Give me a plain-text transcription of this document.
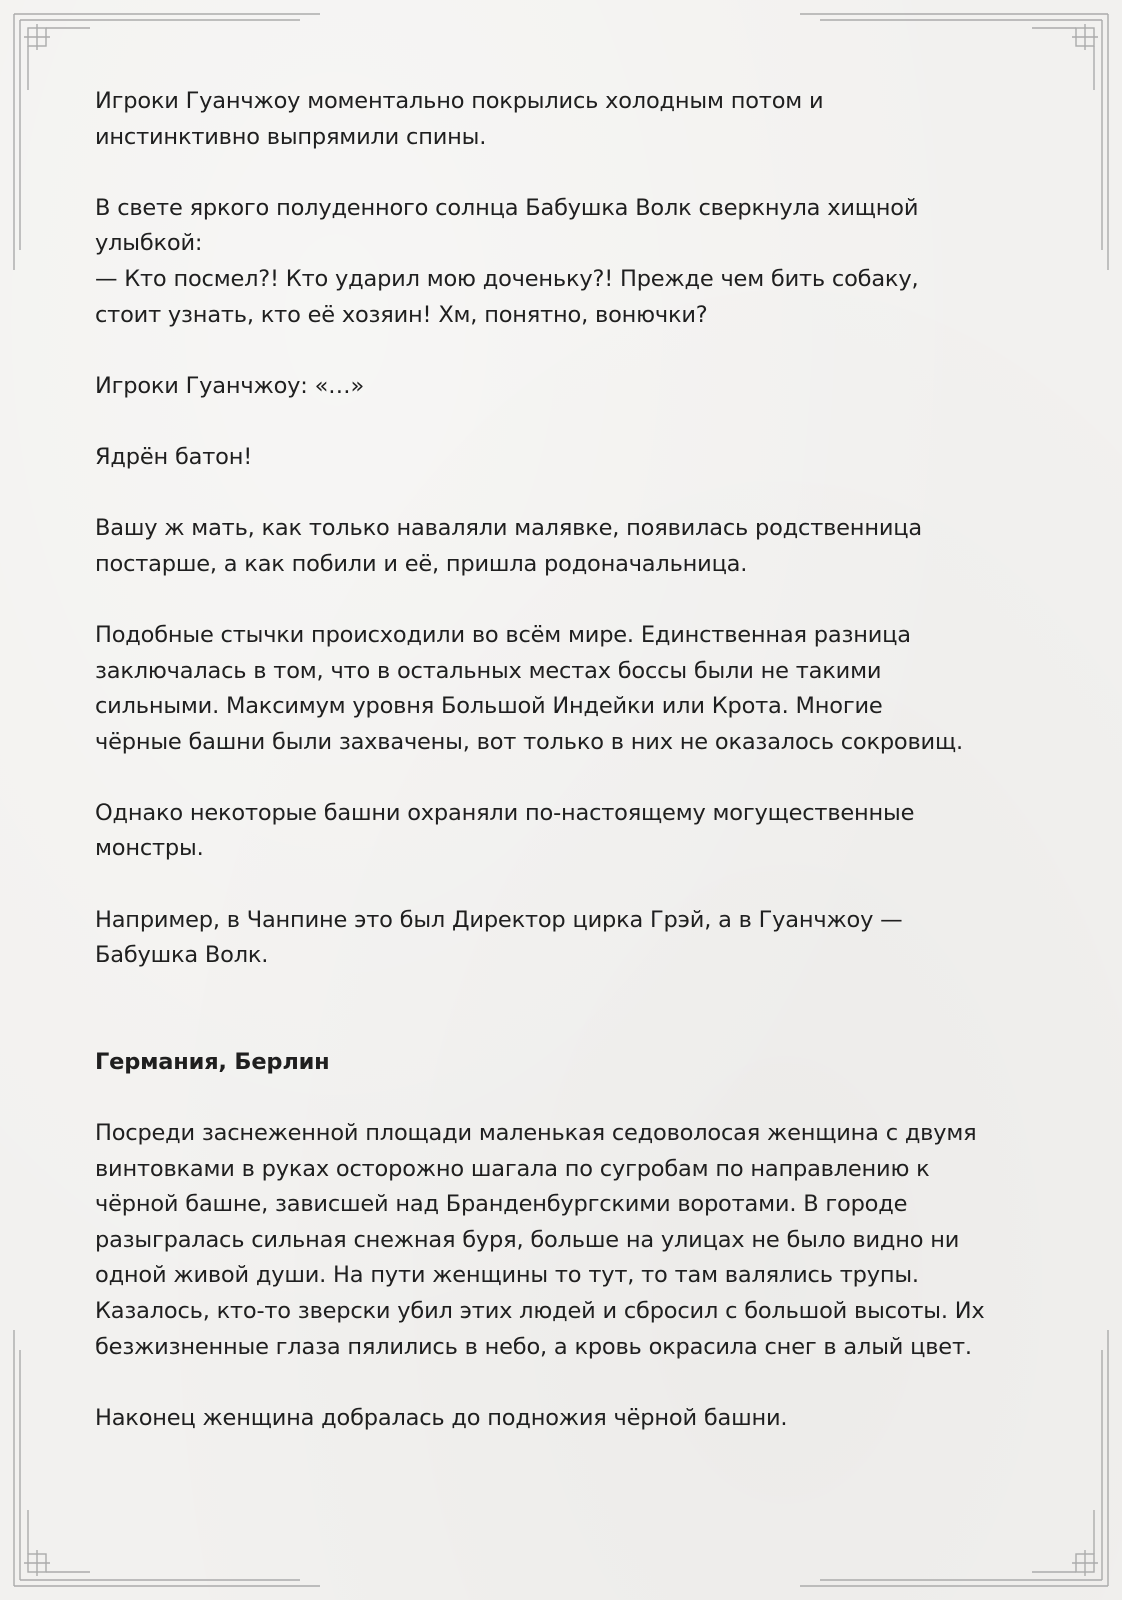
Игроки Гуанчжоу моментально покрылись холодным потом и
инстинктивно выпрямили спины.

В свете яркого полуденного солнца Бабушка Волк сверкнула хищной
улыбкой:
— Кто посмел?! Кто ударил мою доченьку?! Прежде чем бить собаку,
стоит узнать, кто её хозяин! Хм, понятно, вонючки?

Игроки Гуанчжоу: «…»

Ядрён батон!

Вашу ж мать, как только наваляли малявке, появилась родственница
постарше, а как побили и её, пришла родоначальница.

Подобные стычки происходили во всём мире. Единственная разница
заключалась в том, что в остальных местах боссы были не такими
сильными. Максимум уровня Большой Индейки или Крота. Многие
чёрные башни были захвачены, вот только в них не оказалось сокровищ.

Однако некоторые башни охраняли по-настоящему могущественные
монстры.

Например, в Чанпине это был Директор цирка Грэй, а в Гуанчжоу —
Бабушка Волк.

Германия, Берлин

Посреди заснеженной площади маленькая седоволосая женщина с двумя
винтовками в руках осторожно шагала по сугробам по направлению к
чёрной башне, зависшей над Бранденбургскими воротами. В городе
разыгралась сильная снежная буря, больше на улицах не было видно ни
одной живой души. На пути женщины то тут, то там валялись трупы.
Казалось, кто-то зверски убил этих людей и сбросил с большой высоты. Их
безжизненные глаза пялились в небо, а кровь окрасила снег в алый цвет.

Наконец женщина добралась до подножия чёрной башни.
